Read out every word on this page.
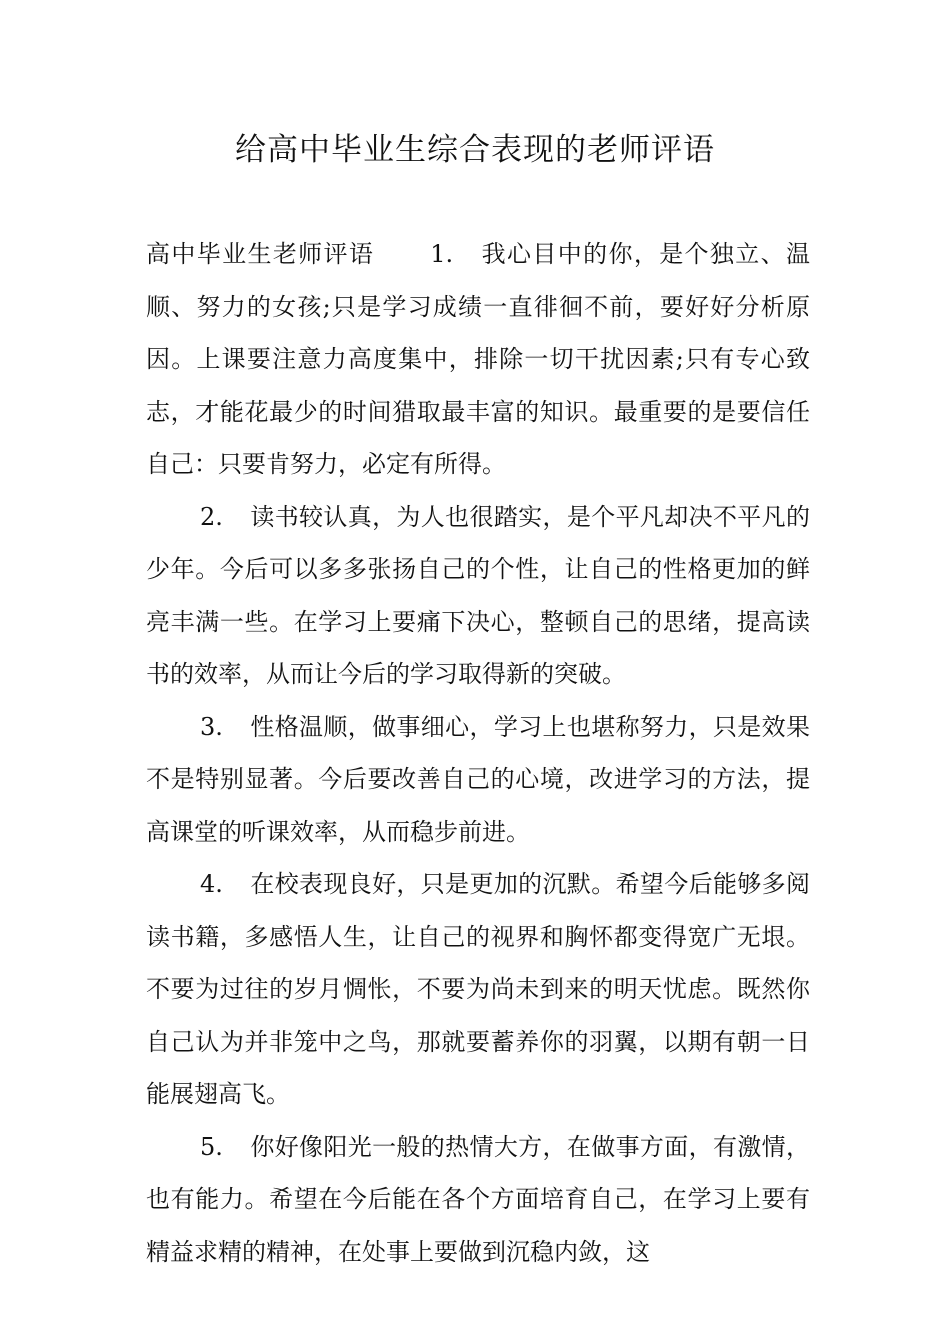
给高中毕业生综合表现的老师评语

高中毕业生老师评语 1. 我心目中的你，是个独立、温顺、努力的女孩;只是学习成绩一直徘徊不前，要好好分析原因。上课要注意力高度集中，排除一切干扰因素;只有专心致志，才能花最少的时间猎取最丰富的知识。最重要的是要信任自己：只要肯努力，必定有所得。

2. 读书较认真，为人也很踏实，是个平凡却决不平凡的少年。今后可以多多张扬自己的个性，让自己的性格更加的鲜亮丰满一些。在学习上要痛下决心，整顿自己的思绪，提高读书的效率，从而让今后的学习取得新的突破。

3. 性格温顺，做事细心，学习上也堪称努力，只是效果不是特别显著。今后要改善自己的心境，改进学习的方法，提高课堂的听课效率，从而稳步前进。

4. 在校表现良好，只是更加的沉默。希望今后能够多阅读书籍，多感悟人生，让自己的视界和胸怀都变得宽广无垠。不要为过往的岁月惆怅，不要为尚未到来的明天忧虑。既然你自己认为并非笼中之鸟，那就要蓄养你的羽翼，以期有朝一日能展翅高飞。

5. 你好像阳光一般的热情大方，在做事方面，有激情，也有能力。希望在今后能在各个方面培育自己，在学习上要有精益求精的精神，在处事上要做到沉稳内敛，这
